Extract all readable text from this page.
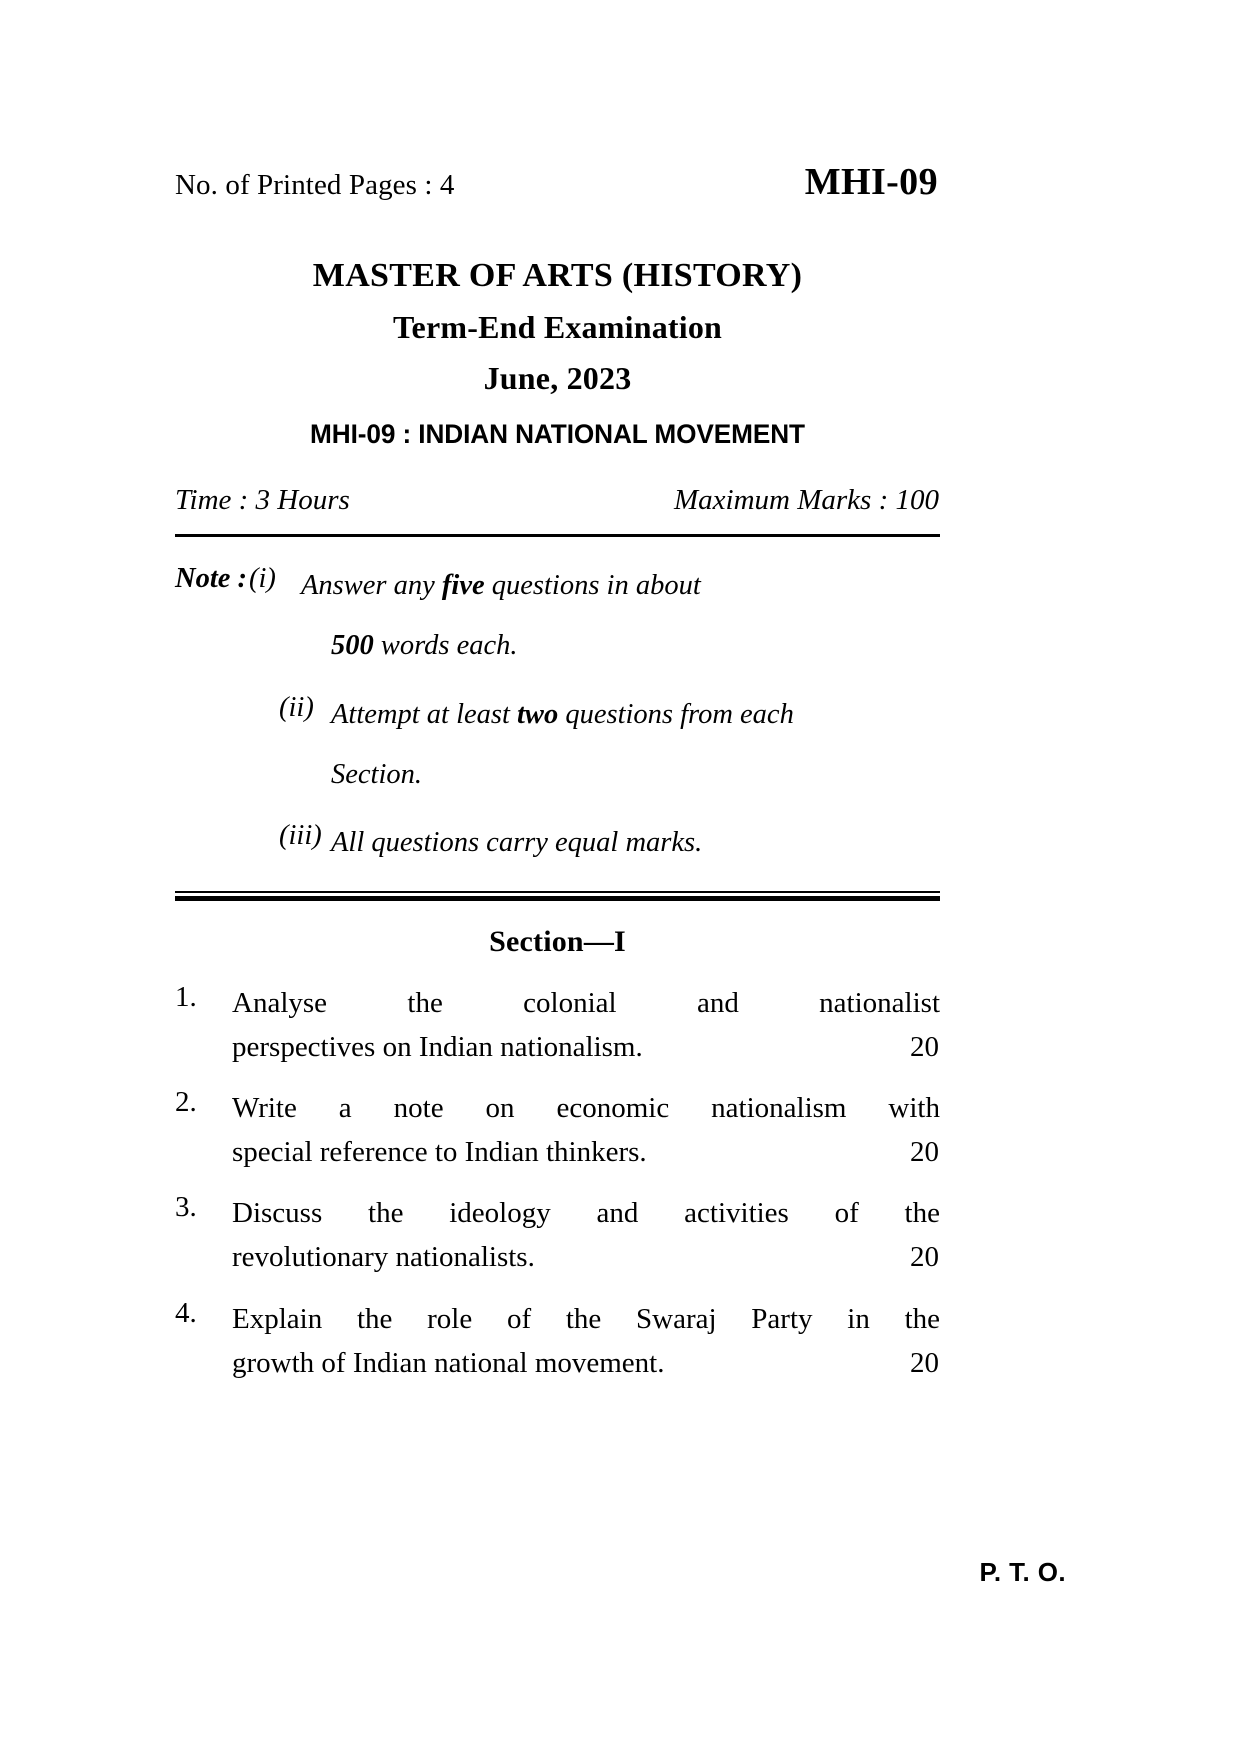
No. of Printed Pages : 4	MHI-09
MASTER OF ARTS (HISTORY)
Term-End Examination
June, 2023
MHI-09 : INDIAN NATIONAL MOVEMENT
Time : 3 Hours	Maximum Marks : 100
Note : (i) Answer any five questions in about
500 words each.
(ii) Attempt at least two questions from each
Section.
(iii) All questions carry equal marks.
Section—I
1.	Analyse the colonial and nationalist
perspectives on Indian nationalism.	20
2.	Write a note on economic nationalism with
special reference to Indian thinkers.	20
3.	Discuss the ideology and activities of the
revolutionary nationalists.	20
4.	Explain the role of the Swaraj Party in the
growth of Indian national movement.	20
P. T. O.
